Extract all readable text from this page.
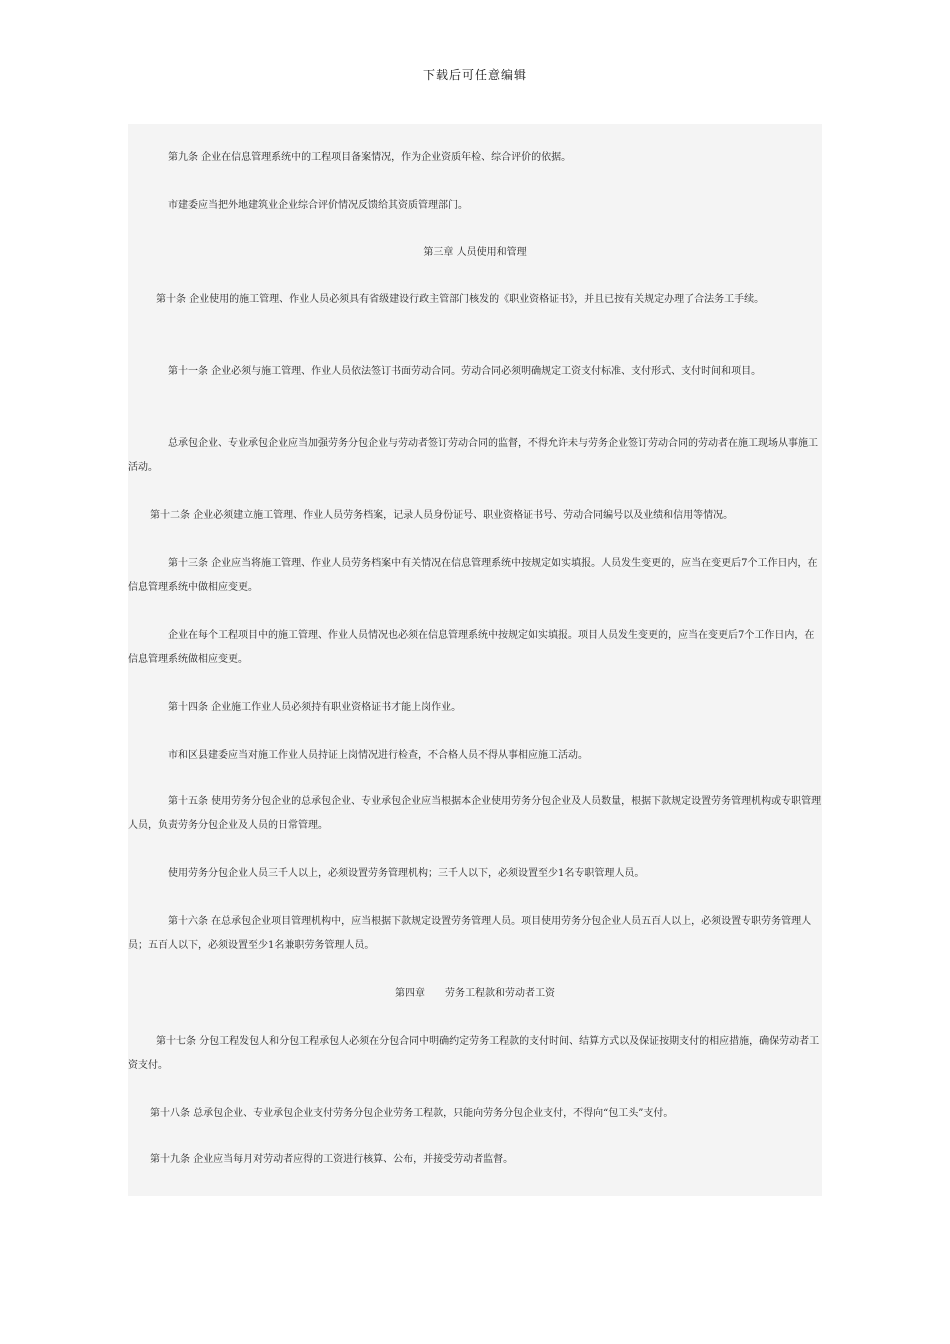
下载后可任意编辑

第九条 企业在信息管理系统中的工程项目备案情况，作为企业资质年检、综合评价的依据。

市建委应当把外地建筑业企业综合评价情况反馈给其资质管理部门。

第三章 人员使用和管理

第十条 企业使用的施工管理、作业人员必须具有省级建设行政主管部门核发的《职业资格证书》，并且已按有关规定办理了合法务工手续。

第十一条 企业必须与施工管理、作业人员依法签订书面劳动合同。劳动合同必须明确规定工资支付标准、支付形式、支付时间和项目。

总承包企业、专业承包企业应当加强劳务分包企业与劳动者签订劳动合同的监督，不得允许未与劳务企业签订劳动合同的劳动者在施工现场从事施工活动。

第十二条 企业必须建立施工管理、作业人员劳务档案，记录人员身份证号、职业资格证书号、劳动合同编号以及业绩和信用等情况。

第十三条 企业应当将施工管理、作业人员劳务档案中有关情况在信息管理系统中按规定如实填报。人员发生变更的，应当在变更后7个工作日内，在信息管理系统中做相应变更。

企业在每个工程项目中的施工管理、作业人员情况也必须在信息管理系统中按规定如实填报。项目人员发生变更的，应当在变更后7个工作日内，在信息管理系统做相应变更。

第十四条 企业施工作业人员必须持有职业资格证书才能上岗作业。

市和区县建委应当对施工作业人员持证上岗情况进行检查，不合格人员不得从事相应施工活动。

第十五条 使用劳务分包企业的总承包企业、专业承包企业应当根据本企业使用劳务分包企业及人员数量，根据下款规定设置劳务管理机构或专职管理人员，负责劳务分包企业及人员的日常管理。

使用劳务分包企业人员三千人以上，必须设置劳务管理机构；三千人以下，必须设置至少1名专职管理人员。

第十六条 在总承包企业项目管理机构中，应当根据下款规定设置劳务管理人员。项目使用劳务分包企业人员五百人以上，必须设置专职劳务管理人员；五百人以下，必须设置至少1名兼职劳务管理人员。

第四章　　劳务工程款和劳动者工资

第十七条 分包工程发包人和分包工程承包人必须在分包合同中明确约定劳务工程款的支付时间、结算方式以及保证按期支付的相应措施，确保劳动者工资支付。

第十八条 总承包企业、专业承包企业支付劳务分包企业劳务工程款，只能向劳务分包企业支付，不得向“包工头”支付。

第十九条 企业应当每月对劳动者应得的工资进行核算、公布，并接受劳动者监督。
